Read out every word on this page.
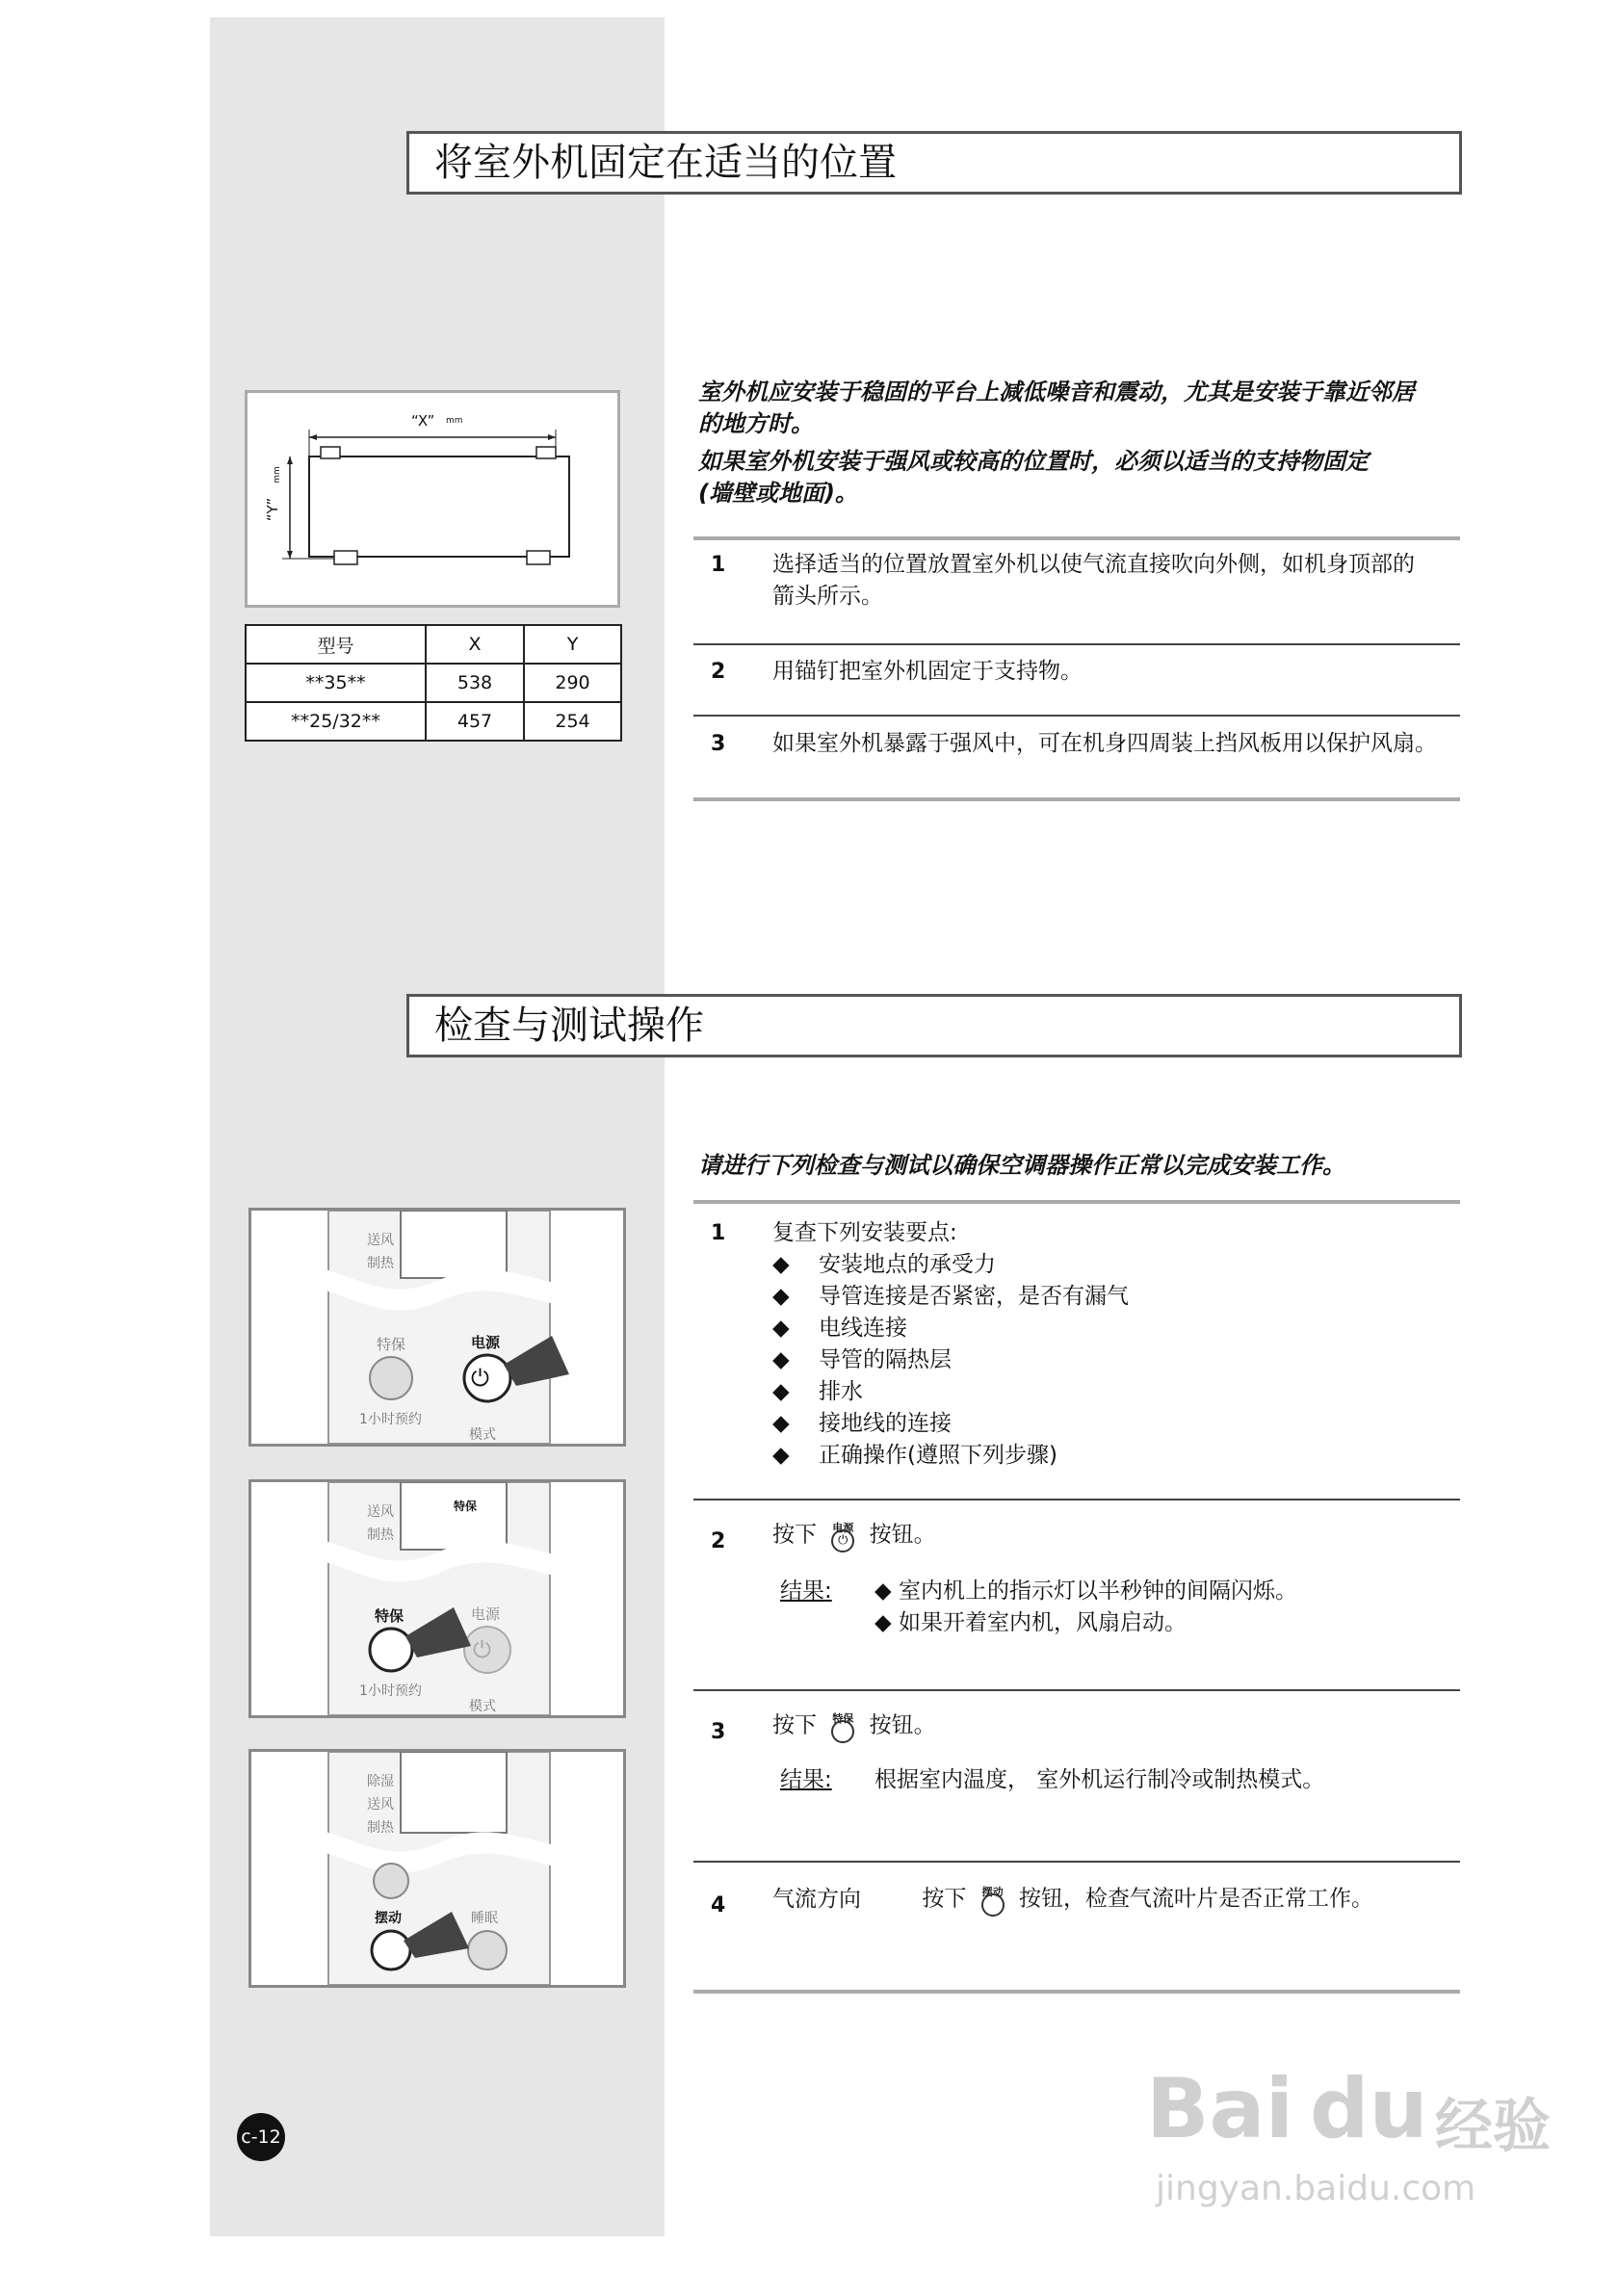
将室外机固定在适当的位置

室外机应安装于稳固的平台上减低噪音和震动，尤其是安装于靠近邻居

的地方时。

如果室外机安装于强风或较高的位置时，必须以适当的支持物固定

(墙壁或地面)。

1 选择适当的位置放置室外机以使气流直接吹向外侧，如机身顶部的
箭头所示。
2 用锚钉把室外机固定于支持物。
3 如果室外机暴露于强风中，可在机身四周装上挡风板用以保护风扇。
“X” mm
“Y”
mm
型号	X	Y
**35**	538	290
**25/32**	457	254
检查与测试操作
请进行下列检查与测试以确保空调器操作正常以完成安装工作。
1 复查下列安装要点:
◆ 安装地点的承受力
◆ 导管连接是否紧密，是否有漏气
◆ 电线连接
◆ 导管的隔热层
◆ 排水
◆ 接地线的连接
◆ 正确操作(遵照下列步骤)
2 按下	电源
⏻ 按钮。
结果: ◆ 室内机上的指示灯以半秒钟的间隔闪烁。
◆ 如果开着室内机，风扇启动。
3 按下	特保 按钮。
结果: 根据室内温度， 室外机运行制冷或制热模式。
4 气流方向	按下	摆动 按钮，检查气流叶片是否正常工作。
送风
制热
特保	电源
⏻
1小时预约
模式
送风
制热
特保
特保	电源
⏻
1小时预约
模式
除湿
送风
制热
摆动	睡眠
c-12	Bai du 经验
jingyan.baidu.com
